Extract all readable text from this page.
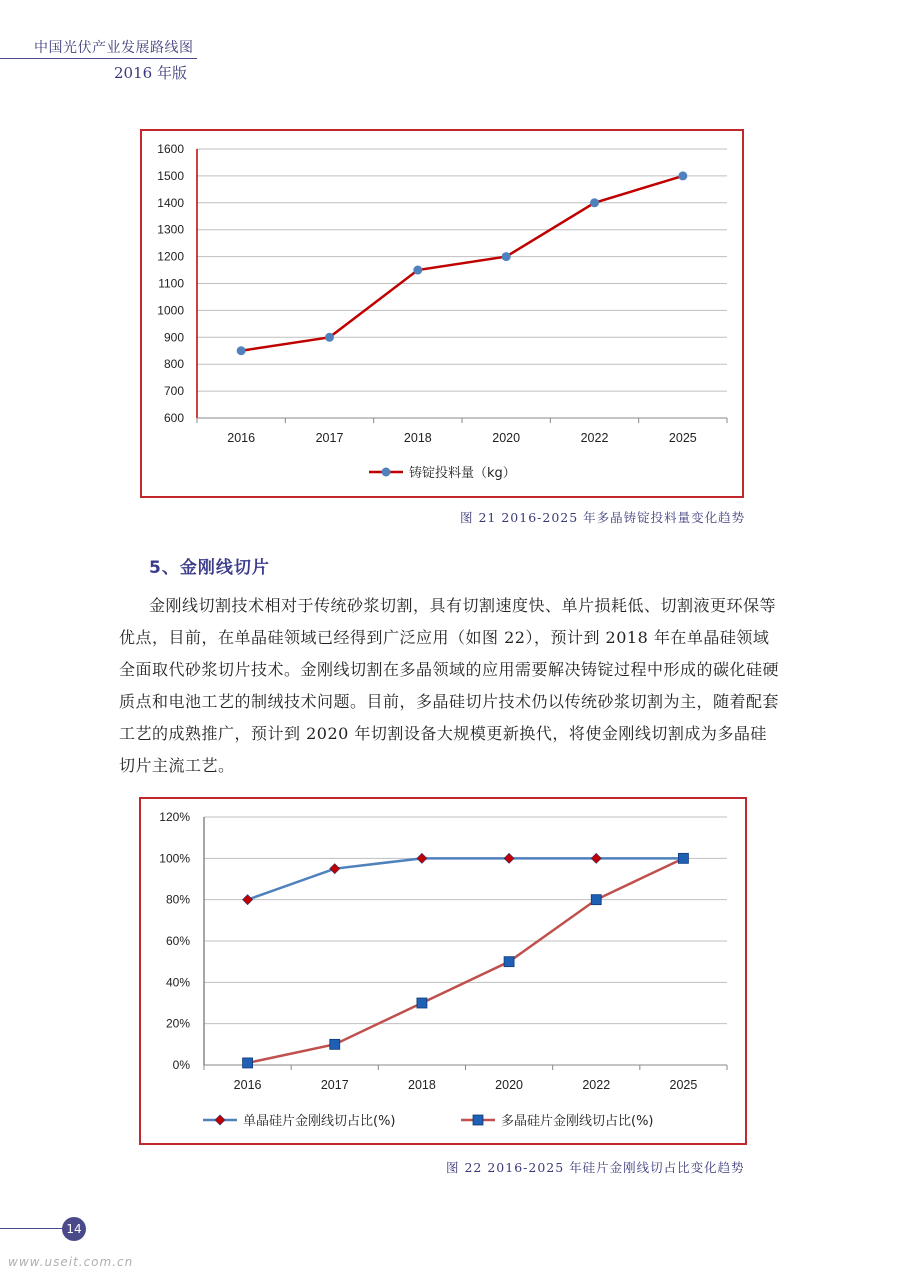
中国光伏产业发展路线图
2016 年版
600
700
800
900
1000
1100
1200
1300
1400
1500
1600
2016	2017	2018	2020	2022	2025
铸锭投料量（kg）
图 21 2016-2025 年多晶铸锭投料量变化趋势
5、金刚线切片
金刚线切割技术相对于传统砂浆切割，具有切割速度快、单片损耗低、切割液更环保等优点，目前，在单晶硅领域已经得到广泛应用（如图 22），预计到 2018 年在单晶硅领域全面取代砂浆切片技术。金刚线切割在多晶领域的应用需要解决铸锭过程中形成的碳化硅硬质点和电池工艺的制绒技术问题。目前，多晶硅切片技术仍以传统砂浆切割为主，随着配套工艺的成熟推广，预计到 2020 年切割设备大规模更新换代，将使金刚线切割成为多晶硅切片主流工艺。
0%
20%
40%
60%
80%
100%
120%
2016	2017	2018	2020	2022	2025
单晶硅片金刚线切占比(%)	多晶硅片金刚线切占比(%)
图 22 2016-2025 年硅片金刚线切占比变化趋势
14
www.useit.com.cn
